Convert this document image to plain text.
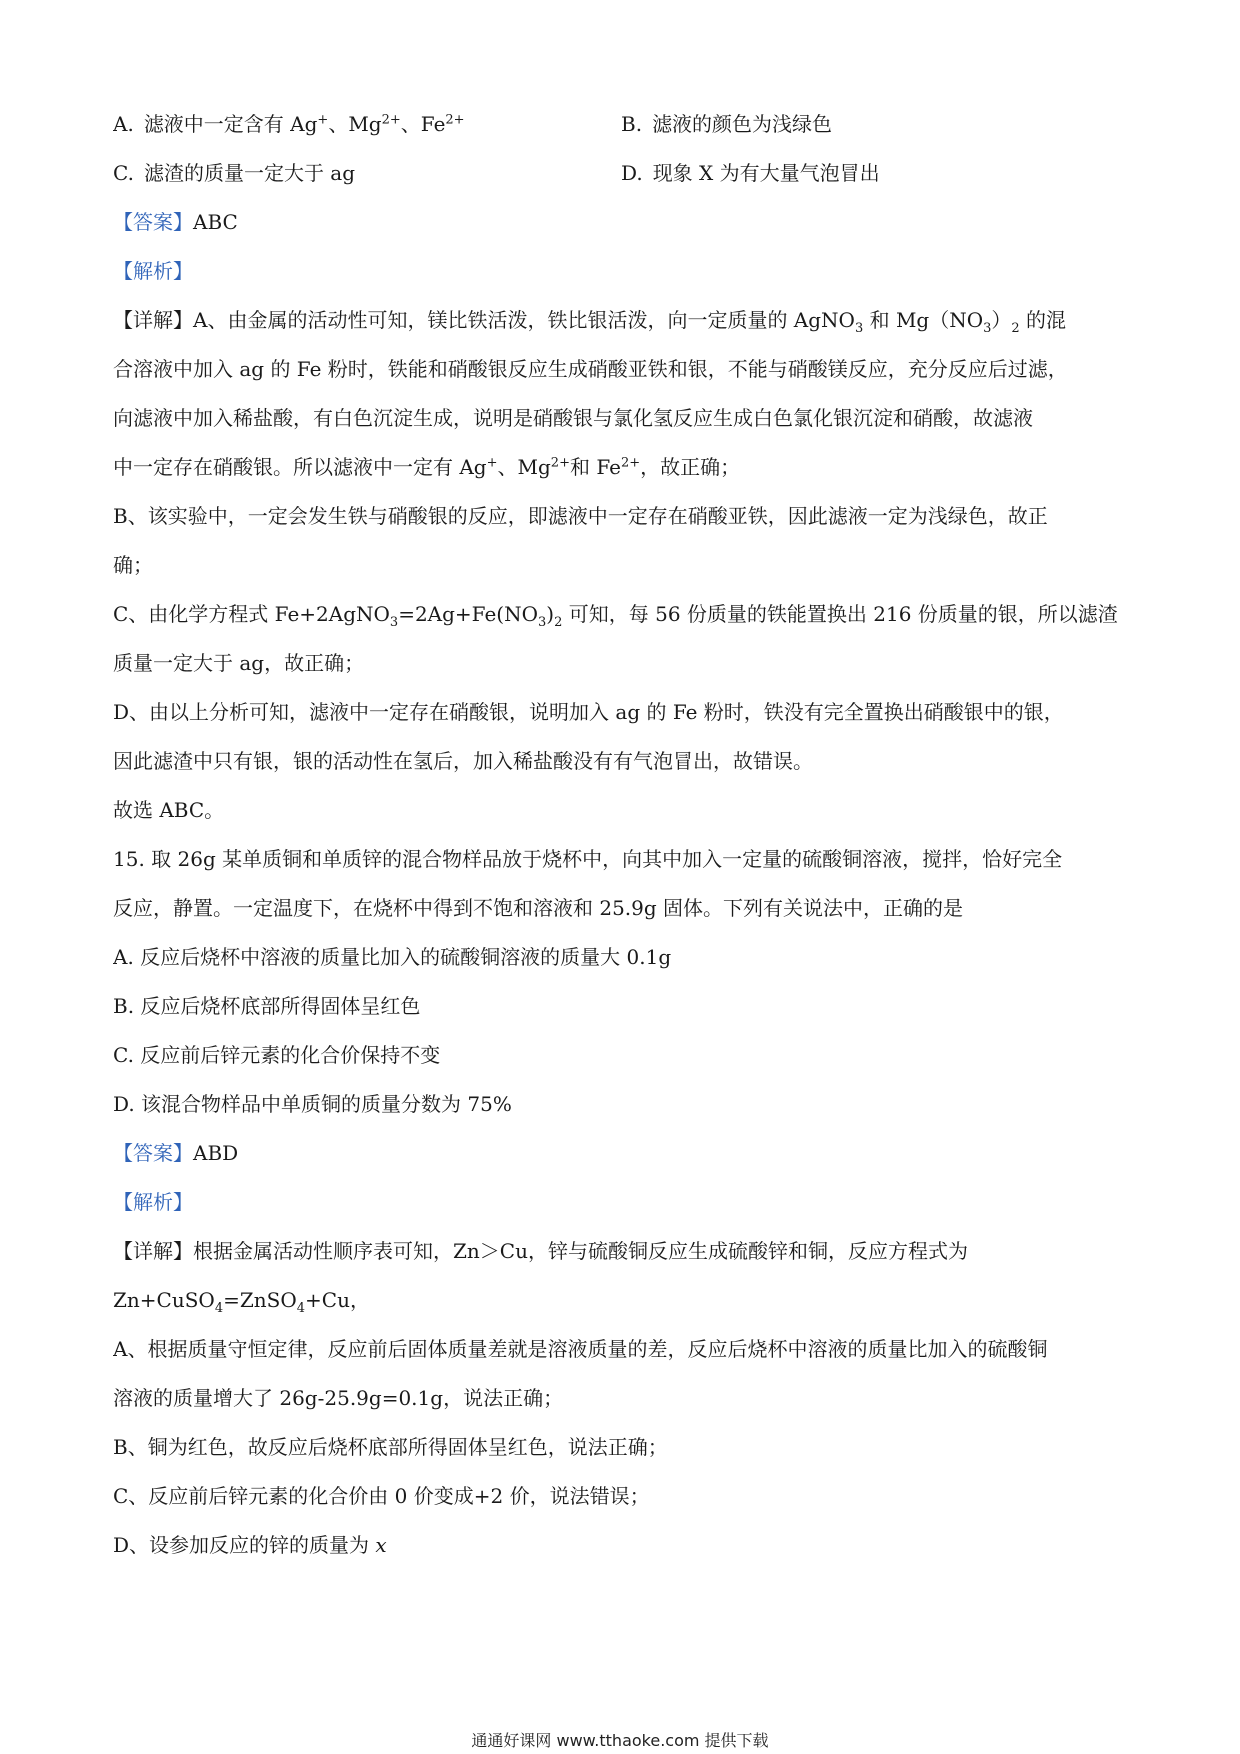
A. 滤液中一定含有 Ag+、$Mg^{2+}$、$Fe^{2+}$	B. 滤液的颜色为浅绿色
C. 滤渣的质量一定大于 ag	D. 现象 X 为有大量气泡冒出
【答案】ABC
【解析】
【详解】A、由金属的活动性可知，镁比铁活泼，铁比银活泼，向一定质量的 AgNO$_3$ 和 $Mg(NO_3)_2$ 的混
合溶液中加入 ag 的 Fe 粉时，铁能和硝酸银反应生成硝酸亚铁和银，不能与硝酸镁反应，充分反应后过滤，
向滤液中加入稀盐酸，有白色沉淀生成，说明是硝酸银与氯化氢反应生成白色氯化银沉淀和硝酸，故滤液
中一定存在硝酸银。所以滤液中一定有 Ag+、$Mg^{2+}$和 $Fe^{2+}$，故正确；
B、该实验中，一定会发生铁与硝酸银的反应，即滤液中一定存在硝酸亚铁，因此滤液一定为浅绿色，故正
确；
C、由化学方程式 $Fe+2AgNO_3=2Ag+Fe(NO_3)_2$ 可知，每 56 份质量的铁能置换出 216 份质量的银，所以滤渣
质量一定大于 ag，故正确；
D、由以上分析可知，滤液中一定存在硝酸银，说明加入 ag 的 Fe 粉时，铁没有完全置换出硝酸银中的银，
因此滤渣中只有银，银的活动性在氢后，加入稀盐酸没有有气泡冒出，故错误。
故选 ABC。
15. 取 26g 某单质铜和单质锌的混合物样品放于烧杯中，向其中加入一定量的硫酸铜溶液，搅拌，恰好完全
反应，静置。一定温度下，在烧杯中得到不饱和溶液和 25.9g 固体。下列有关说法中，正确的是
A. 反应后烧杯中溶液的质量比加入的硫酸铜溶液的质量大 0.1g
B. 反应后烧杯底部所得固体呈红色
C. 反应前后锌元素的化合价保持不变
D. 该混合物样品中单质铜的质量分数为 75%
【答案】ABD
【解析】
【详解】根据金属活动性顺序表可知，Zn＞Cu，锌与硫酸铜反应生成硫酸锌和铜，反应方程式为
Zn+CuSO$_4$=ZnSO$_4$+Cu，
A、根据质量守恒定律，反应前后固体质量差就是溶液质量的差，反应后烧杯中溶液的质量比加入的硫酸铜
溶液的质量增大了 26g-25.9g=0.1g，说法正确；
B、铜为红色，故反应后烧杯底部所得固体呈红色，说法正确；
C、反应前后锌元素的化合价由 0 价变成+2 价，说法错误；
D、设参加反应的锌的质量为 x
通通好课网 www.tthaoke.com 提供下载
